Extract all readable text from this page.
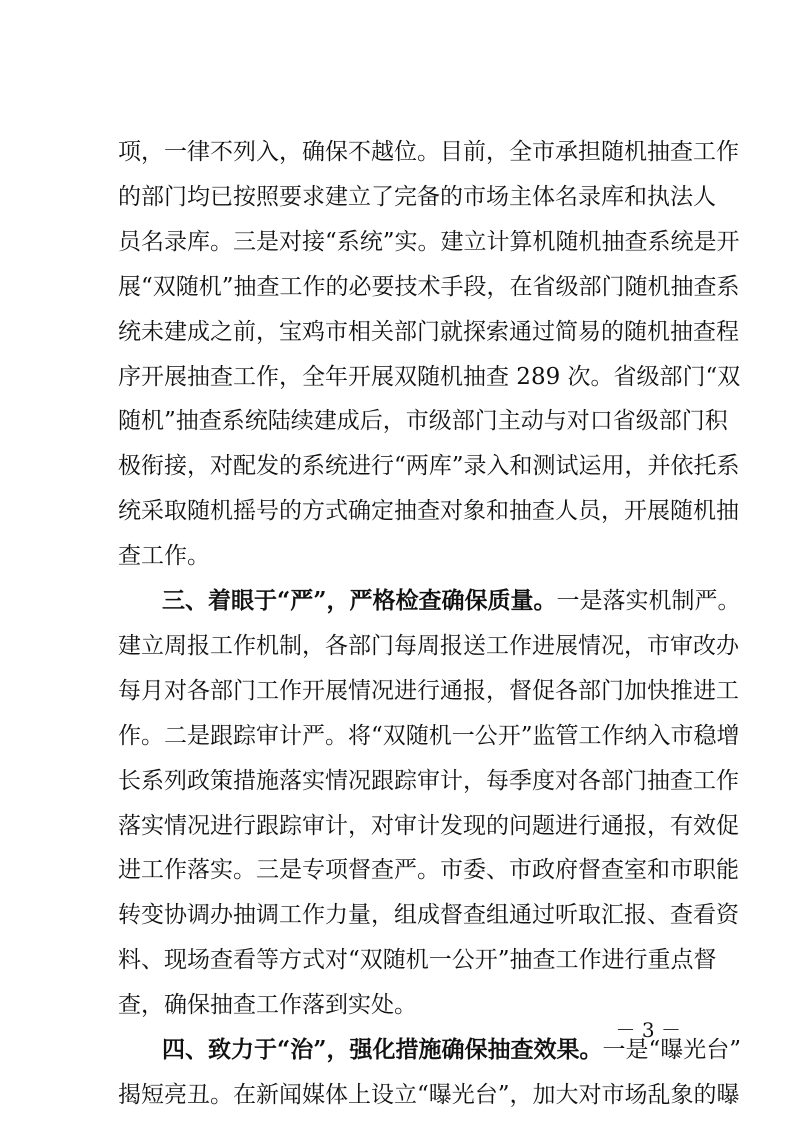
项，一律不列入，确保不越位。目前，全市承担随机抽查工作
的部门均已按照要求建立了完备的市场主体名录库和执法人
员名录库。三是对接“系统”实。建立计算机随机抽查系统是开
展“双随机”抽查工作的必要技术手段，在省级部门随机抽查系
统未建成之前，宝鸡市相关部门就探索通过简易的随机抽查程
序开展抽查工作，全年开展双随机抽查 289 次。省级部门“双
随机”抽查系统陆续建成后，市级部门主动与对口省级部门积
极衔接，对配发的系统进行“两库”录入和测试运用，并依托系
统采取随机摇号的方式确定抽查对象和抽查人员，开展随机抽
查工作。
三、着眼于“严”，严格检查确保质量。一是落实机制严。
建立周报工作机制，各部门每周报送工作进展情况，市审改办
每月对各部门工作开展情况进行通报，督促各部门加快推进工
作。二是跟踪审计严。将“双随机一公开”监管工作纳入市稳增
长系列政策措施落实情况跟踪审计，每季度对各部门抽查工作
落实情况进行跟踪审计，对审计发现的问题进行通报，有效促
进工作落实。三是专项督查严。市委、市政府督查室和市职能
转变协调办抽调工作力量，组成督查组通过听取汇报、查看资
料、现场查看等方式对“双随机一公开”抽查工作进行重点督
查，确保抽查工作落到实处。
四、致力于“治”，强化措施确保抽查效果。一是“曝光台”
揭短亮丑。在新闻媒体上设立“曝光台”，加大对市场乱象的曝
－ 3 －
